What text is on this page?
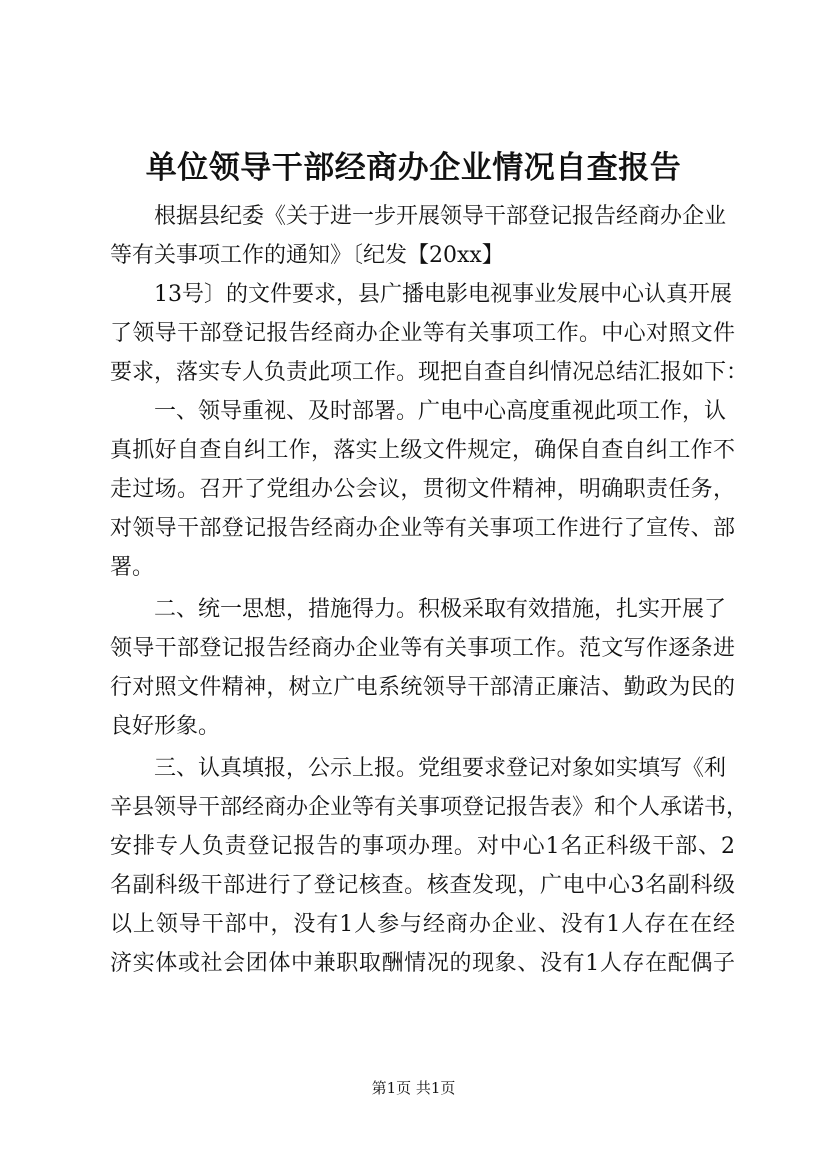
单位领导干部经商办企业情况自查报告
根据县纪委《关于进一步开展领导干部登记报告经商办企业
等有关事项工作的通知》〔纪发【20xx】
13号〕的文件要求，县广播电影电视事业发展中心认真开展
了领导干部登记报告经商办企业等有关事项工作。中心对照文件
要求，落实专人负责此项工作。现把自查自纠情况总结汇报如下：
一、领导重视、及时部署。广电中心高度重视此项工作，认
真抓好自查自纠工作，落实上级文件规定，确保自查自纠工作不
走过场。召开了党组办公会议，贯彻文件精神，明确职责任务，
对领导干部登记报告经商办企业等有关事项工作进行了宣传、部
署。
二、统一思想，措施得力。积极采取有效措施，扎实开展了
领导干部登记报告经商办企业等有关事项工作。范文写作逐条进
行对照文件精神，树立广电系统领导干部清正廉洁、勤政为民的
良好形象。
三、认真填报，公示上报。党组要求登记对象如实填写《利
辛县领导干部经商办企业等有关事项登记报告表》和个人承诺书，
安排专人负责登记报告的事项办理。对中心1名正科级干部、2
名副科级干部进行了登记核查。核查发现，广电中心3名副科级
以上领导干部中，没有1人参与经商办企业、没有1人存在在经
济实体或社会团体中兼职取酬情况的现象、没有1人存在配偶子
第1页 共1页
